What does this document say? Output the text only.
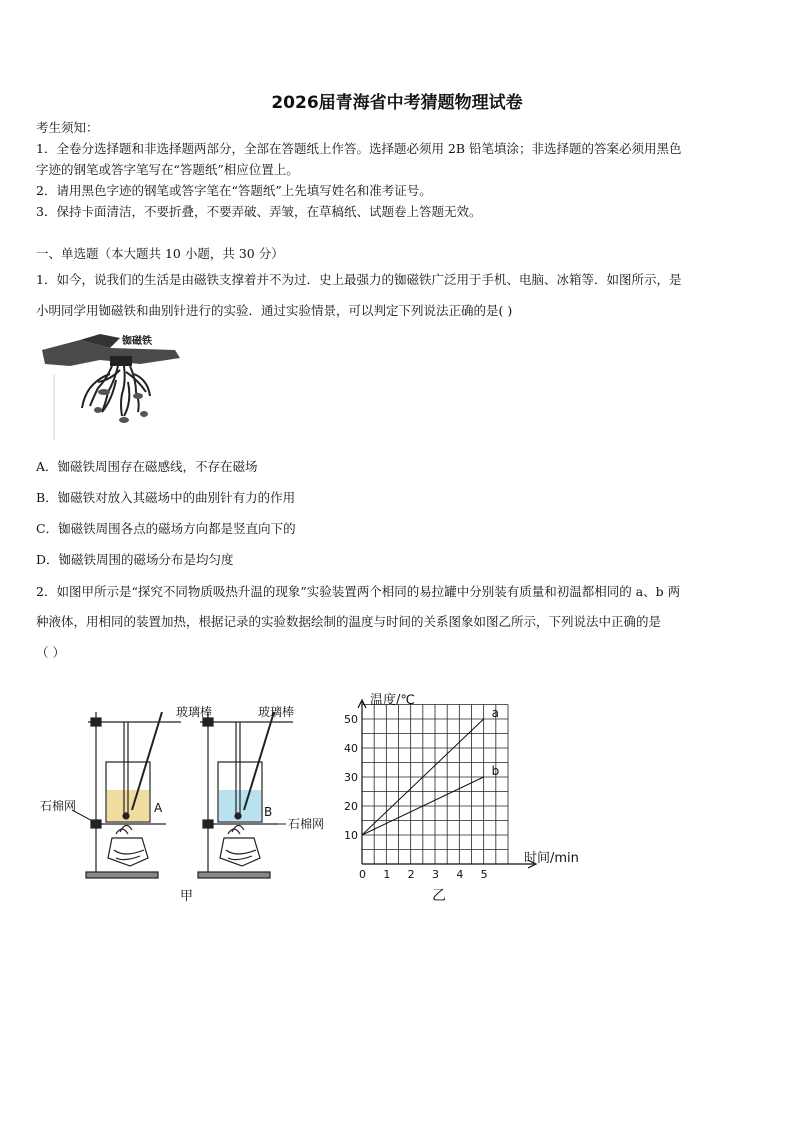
2026届青海省中考猜题物理试卷
考生须知：
1．全卷分选择题和非选择题两部分，全部在答题纸上作答。选择题必须用 2B 铅笔填涂；非选择题的答案必须用黑色
字迹的钢笔或答字笔写在“答题纸”相应位置上。
2．请用黑色字迹的钢笔或答字笔在“答题纸”上先填写姓名和准考证号。
3．保持卡面清洁，不要折叠，不要弄破、弄皱，在草稿纸、试题卷上答题无效。
一、单选题（本大题共 10 小题，共 30 分）
1．如今，说我们的生活是由磁铁支撑着并不为过．史上最强力的铷磁铁广泛用于手机、电脑、冰箱等．如图所示，是
小明同学用铷磁铁和曲别针进行的实验．通过实验情景，可以判定下列说法正确的是( )
铷磁铁
A．铷磁铁周围存在磁感线，不存在磁场
B．铷磁铁对放入其磁场中的曲别针有力的作用
C．铷磁铁周围各点的磁场方向都是竖直向下的
D．铷磁铁周围的磁场分布是均匀度
2．如图甲所示是“探究不同物质吸热升温的现象”实验装置两个相同的易拉罐中分别装有质量和初温都相同的 a、b 两
种液体，用相同的装置加热，根据记录的实验数据绘制的温度与时间的关系图象如图乙所示，下列说法中正确的是
（ ）
玻璃棒	玻璃棒
石棉网
石棉网
A	B
甲
0 1 2 3 4 5
10
20
30
40
50	a
b
温度/℃
时间/min
乙
